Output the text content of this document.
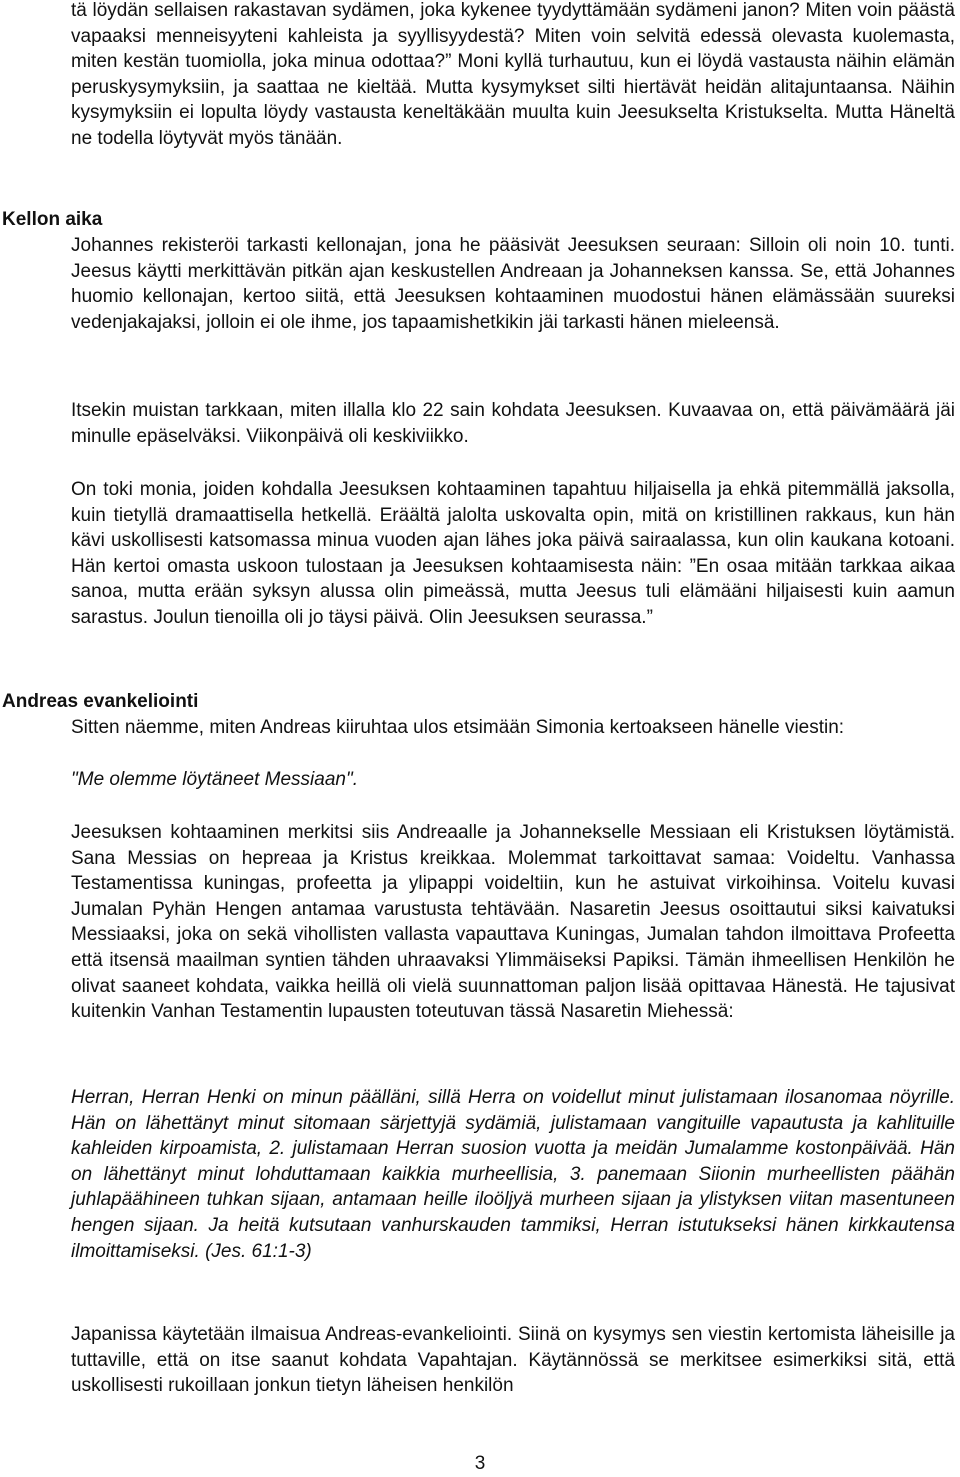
tä löydän sellaisen rakastavan sydämen, joka kykenee tyydyttämään sydämeni janon? Miten voin päästä vapaaksi menneisyyteni kahleista ja syyllisyydestä? Miten voin selvitä edessä olevasta kuolemasta, miten kestän tuomiolla, joka minua odottaa?” Moni kyllä turhautuu, kun ei löydä vastausta näihin elämän peruskysymyksiin, ja saattaa ne kieltää. Mutta kysymykset silti hiertävät heidän alitajuntaansa. Näihin kysymyksiin ei lopulta löydy vastausta keneltäkään muulta kuin Jeesukselta Kristukselta. Mutta Häneltä ne todella löytyvät myös tänään.

Kellon aika

Johannes rekisteröi tarkasti kellonajan, jona he pääsivät Jeesuksen seuraan: Silloin oli noin 10. tunti. Jeesus käytti merkittävän pitkän ajan keskustellen Andreaan ja Johanneksen kanssa. Se, että Johannes huomio kellonajan, kertoo siitä, että Jeesuksen kohtaaminen muodostui hänen elämässään suureksi vedenjakajaksi, jolloin ei ole ihme, jos tapaamishetkikin jäi tarkasti hänen mieleensä.

Itsekin muistan tarkkaan, miten illalla klo 22 sain kohdata Jeesuksen. Kuvaavaa on, että päivämäärä jäi minulle epäselväksi. Viikonpäivä oli keskiviikko.

On toki monia, joiden kohdalla Jeesuksen kohtaaminen tapahtuu hiljaisella ja ehkä pitemmällä jaksolla, kuin tietyllä dramaattisella hetkellä. Eräältä jalolta uskovalta opin, mitä on kristillinen rakkaus, kun hän kävi uskollisesti katsomassa minua vuoden ajan lähes joka päivä sairaalassa, kun olin kaukana kotoani. Hän kertoi omasta uskoon tulostaan ja Jeesuksen kohtaamisesta näin: ”En osaa mitään tarkkaa aikaa sanoa, mutta erään syksyn alussa olin pimeässä, mutta Jeesus tuli elämääni hiljaisesti kuin aamun sarastus. Joulun tienoilla oli jo täysi päivä. Olin Jeesuksen seurassa.”

Andreas evankeliointi

Sitten näemme, miten Andreas kiiruhtaa ulos etsimään Simonia kertoakseen hänelle viestin:

"Me olemme löytäneet Messiaan".

Jeesuksen kohtaaminen merkitsi siis Andreaalle ja Johannekselle Messiaan eli Kristuksen löytämistä. Sana Messias on hepreaa ja Kristus kreikkaa. Molemmat tarkoittavat samaa: Voideltu. Vanhassa Testamentissa kuningas, profeetta ja ylipappi voideltiin, kun he astuivat virkoihinsa. Voitelu kuvasi Jumalan Pyhän Hengen antamaa varustusta tehtävään. Nasaretin Jeesus osoittautui siksi kaivatuksi Messiaaksi, joka on sekä vihollisten vallasta vapauttava Kuningas, Jumalan tahdon ilmoittava Profeetta että itsensä maailman syntien tähden uhraavaksi Ylimmäiseksi Papiksi. Tämän ihmeellisen Henkilön he olivat saaneet kohdata, vaikka heillä oli vielä suunnattoman paljon lisää opittavaa Hänestä. He tajusivat kuitenkin Vanhan Testamentin lupausten toteutuvan tässä Nasaretin Miehessä:

Herran, Herran Henki on minun päälläni, sillä Herra on voidellut minut julistamaan ilosanomaa nöyrille. Hän on lähettänyt minut sitomaan särjettyjä sydämiä, julistamaan vangituille vapautusta ja kahlituille kahleiden kirpoamista, 2. julistamaan Herran suosion vuotta ja meidän Jumalamme kostonpäivää. Hän on lähettänyt minut lohduttamaan kaikkia murheellisia, 3. panemaan Siionin murheellisten päähän juhlapäähineen tuhkan sijaan, antamaan heille iloöljyä murheen sijaan ja ylistyksen viitan masentuneen hengen sijaan. Ja heitä kutsutaan vanhurskauden tammiksi, Herran istutukseksi hänen kirkkautensa ilmoittamiseksi. (Jes. 61:1-3)

Japanissa käytetään ilmaisua Andreas-evankeliointi. Siinä on kysymys sen viestin kertomista läheisille ja tuttaville, että on itse saanut kohdata Vapahtajan. Käytännössä se merkitsee esimerkiksi sitä, että uskollisesti rukoillaan jonkun tietyn läheisen henkilön

3
